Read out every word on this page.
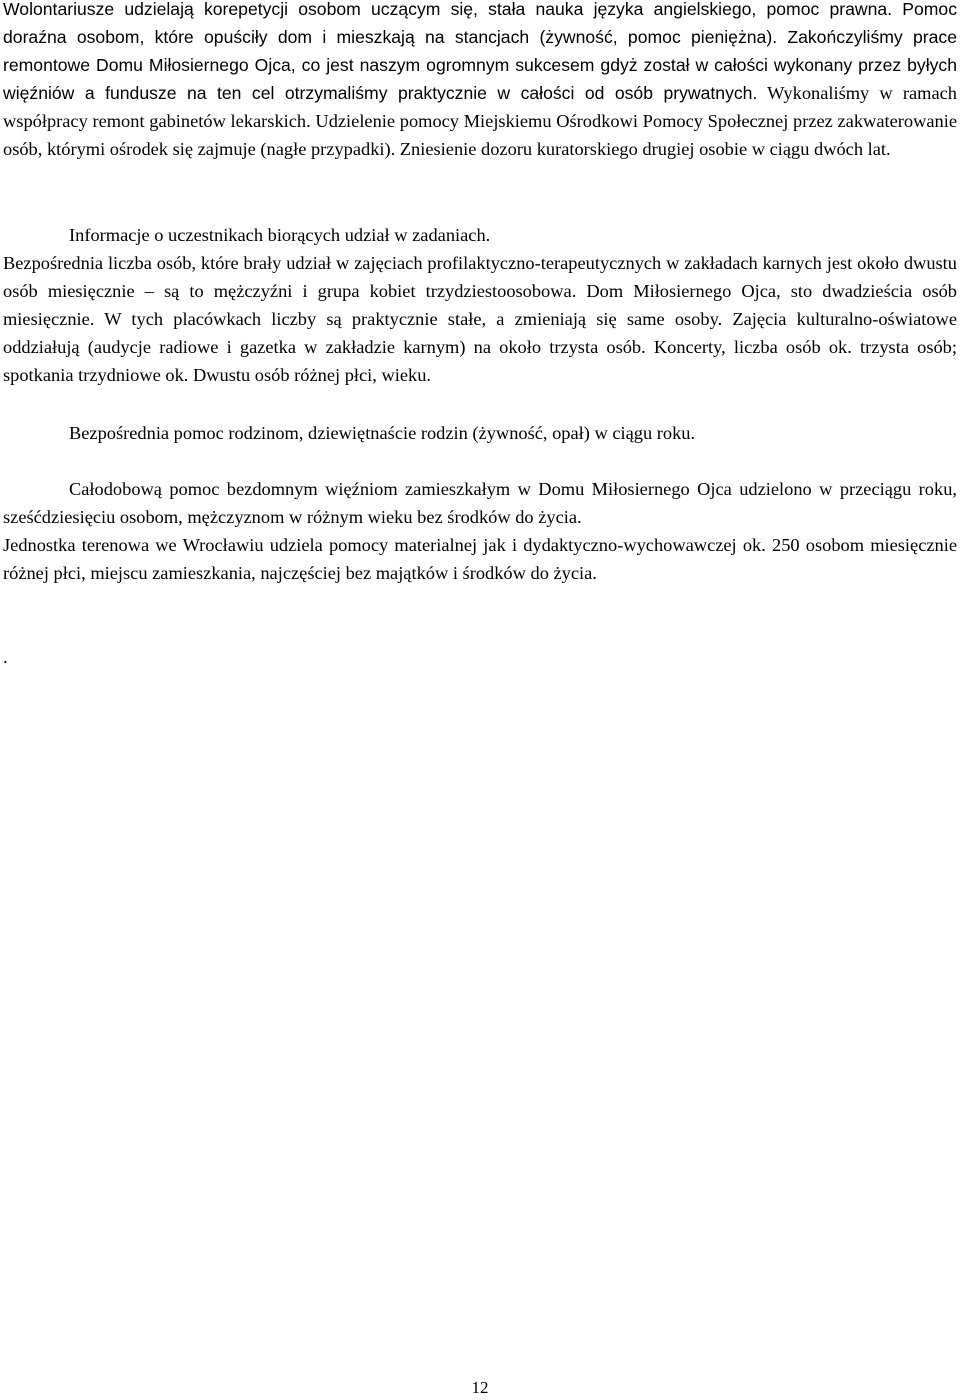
Wolontariusze udzielają korepetycji osobom uczącym się, stała nauka języka angielskiego, pomoc prawna. Pomoc doraźna osobom, które opuściły dom i mieszkają na stancjach (żywność, pomoc pieniężna). Zakończyliśmy prace remontowe Domu Miłosiernego Ojca, co jest naszym ogromnym sukcesem gdyż został w całości wykonany przez byłych więźniów a fundusze na ten cel otrzymaliśmy praktycznie w całości od osób prywatnych. Wykonaliśmy w ramach współpracy remont gabinetów lekarskich. Udzielenie pomocy Miejskiemu Ośrodkowi Pomocy Społecznej przez zakwaterowanie osób, którymi ośrodek się zajmuje (nagłe przypadki). Zniesienie dozoru kuratorskiego drugiej osobie w ciągu dwóch lat.

Informacje o uczestnikach biorących udział w zadaniach.

Bezpośrednia liczba osób, które brały udział w zajęciach profilaktyczno-terapeutycznych w zakładach karnych jest około dwustu osób miesięcznie – są to mężczyźni i grupa kobiet trzydziestoosobowa. Dom Miłosiernego Ojca, sto dwadzieścia osób miesięcznie. W tych placówkach liczby są praktycznie stałe, a zmieniają się same osoby. Zajęcia kulturalno-oświatowe oddziałują (audycje radiowe i gazetka w zakładzie karnym) na około trzysta osób. Koncerty, liczba osób ok. trzysta osób; spotkania trzydniowe ok. Dwustu osób różnej płci, wieku.

Bezpośrednia pomoc rodzinom, dziewiętnaście rodzin (żywność, opał) w ciągu roku.

Całodobową pomoc bezdomnym więźniom zamieszkałym w Domu Miłosiernego Ojca udzielono w przeciągu roku, sześćdziesięciu osobom, mężczyznom w różnym wieku bez środków do życia.

Jednostka terenowa we Wrocławiu udziela pomocy materialnej jak i dydaktyczno-wychowawczej ok. 250 osobom miesięcznie różnej płci, miejscu zamieszkania, najczęściej bez majątków i środków do życia.

.

12
